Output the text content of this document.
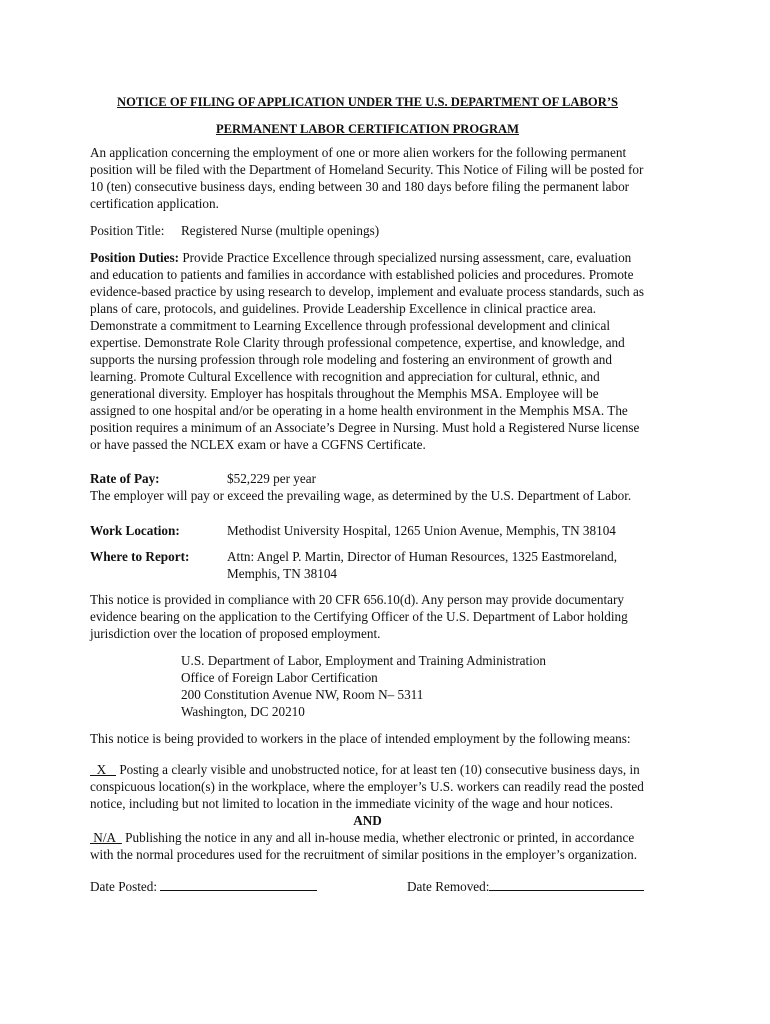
NOTICE OF FILING OF APPLICATION UNDER THE U.S. DEPARTMENT OF LABOR’S

PERMANENT LABOR CERTIFICATION PROGRAM

An application concerning the employment of one or more alien workers for the following permanent position will be filed with the Department of Homeland Security. This Notice of Filing will be posted for 10 (ten) consecutive business days, ending between 30 and 180 days before filing the permanent labor certification application.

Position Title:	Registered Nurse (multiple openings)

Position Duties: Provide Practice Excellence through specialized nursing assessment, care, evaluation and education to patients and families in accordance with established policies and procedures. Promote evidence-based practice by using research to develop, implement and evaluate process standards, such as plans of care, protocols, and guidelines. Provide Leadership Excellence in clinical practice area. Demonstrate a commitment to Learning Excellence through professional development and clinical expertise. Demonstrate Role Clarity through professional competence, expertise, and knowledge, and supports the nursing profession through role modeling and fostering an environment of growth and learning. Promote Cultural Excellence with recognition and appreciation for cultural, ethnic, and generational diversity. Employer has hospitals throughout the Memphis MSA. Employee will be assigned to one hospital and/or be operating in a home health environment in the Memphis MSA. The position requires a minimum of an Associate’s Degree in Nursing. Must hold a Registered Nurse license or have passed the NCLEX exam or have a CGFNS Certificate.

Rate of Pay:	$52,229 per year

The employer will pay or exceed the prevailing wage, as determined by the U.S. Department of Labor.

Work Location:	Methodist University Hospital, 1265 Union Avenue, Memphis, TN 38104
Where to Report:	Attn: Angel P. Martin, Director of Human Resources, 1325 Eastmoreland,
Memphis, TN 38104

This notice is provided in compliance with 20 CFR 656.10(d). Any person may provide documentary evidence bearing on the application to the Certifying Officer of the U.S. Department of Labor holding jurisdiction over the location of proposed employment.

U.S. Department of Labor, Employment and Training Administration
Office of Foreign Labor Certification
200 Constitution Avenue NW, Room N– 5311
Washington, DC 20210

This notice is being provided to workers in the place of intended employment by the following means:

X    Posting a clearly visible and unobstructed notice, for at least ten (10) consecutive business days, in conspicuous location(s) in the workplace, where the employer’s U.S. workers can readily read the posted notice, including but not limited to location in the immediate vicinity of the wage and hour notices.

AND

N/A   Publishing the notice in any and all in-house media, whether electronic or printed, in accordance with the normal procedures used for the recruitment of similar positions in the employer’s organization.

Date Posted:	Date Removed:
